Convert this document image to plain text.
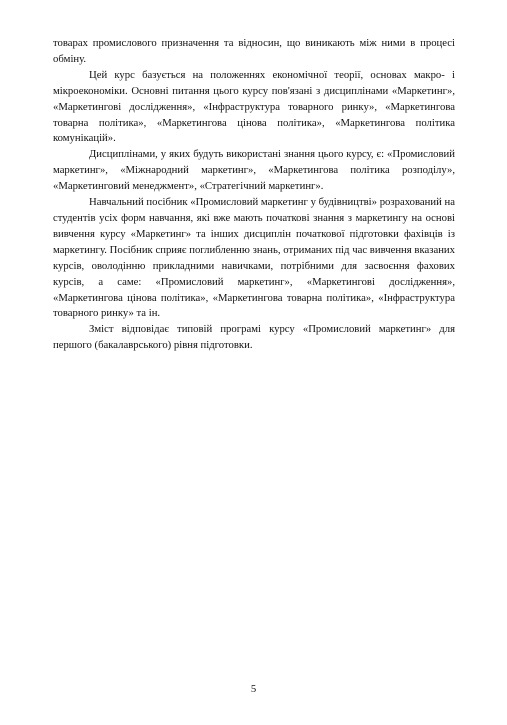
товарах промислового призначення та відносин, що виникають між ними в процесі обміну.

Цей курс базується на положеннях економічної теорії, основах макро- і мікроекономіки. Основні питання цього курсу пов'язані з дисциплінами «Маркетинг», «Маркетингові дослідження», «Інфраструктура товарного ринку», «Маркетингова товарна політика», «Маркетингова цінова політика», «Маркетингова політика комунікацій».

Дисциплінами, у яких будуть використані знання цього курсу, є: «Промисловий маркетинг», «Міжнародний маркетинг», «Маркетингова політика розподілу», «Маркетинговий менеджмент», «Стратегічний маркетинг».

Навчальний посібник «Промисловий маркетинг у будівництві» розрахований на студентів усіх форм навчання, які вже мають початкові знання з маркетингу на основі вивчення курсу «Маркетинг» та інших дисциплін початкової підготовки фахівців із маркетингу. Посібник сприяє поглибленню знань, отриманих під час вивчення вказаних курсів, оволодінню прикладними навичками, потрібними для засвоєння фахових курсів, а саме: «Промисловий маркетинг», «Маркетингові дослідження», «Маркетингова цінова політика», «Маркетингова товарна політика», «Інфраструктура товарного ринку» та ін.

Зміст відповідає типовій програмі курсу «Промисловий маркетинг» для першого (бакалаврського) рівня підготовки.

5
